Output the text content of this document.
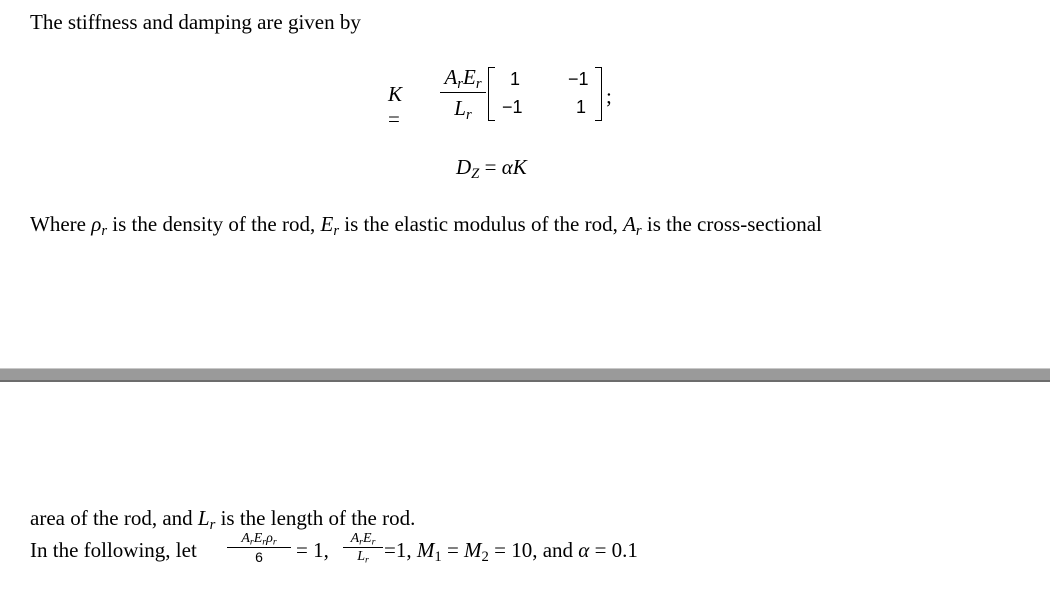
The stiffness and damping are given by
K =
$A_rE_r$
$L_r$
1	−1
−1	1 ;
$D_Z = \alpha K$
Where $\rho_r$ is the density of the rod, $E_r$ is the elastic modulus of the rod, $A_r$ is the cross-sectional
area of the rod, and $L_r$ is the length of the rod.
In the following, let	$A_rE_r\rho_r$
6	= 1,	$A_rE_r$
$L_r =1$, $M_1 = M_2 = 10$, and α = 0.1
